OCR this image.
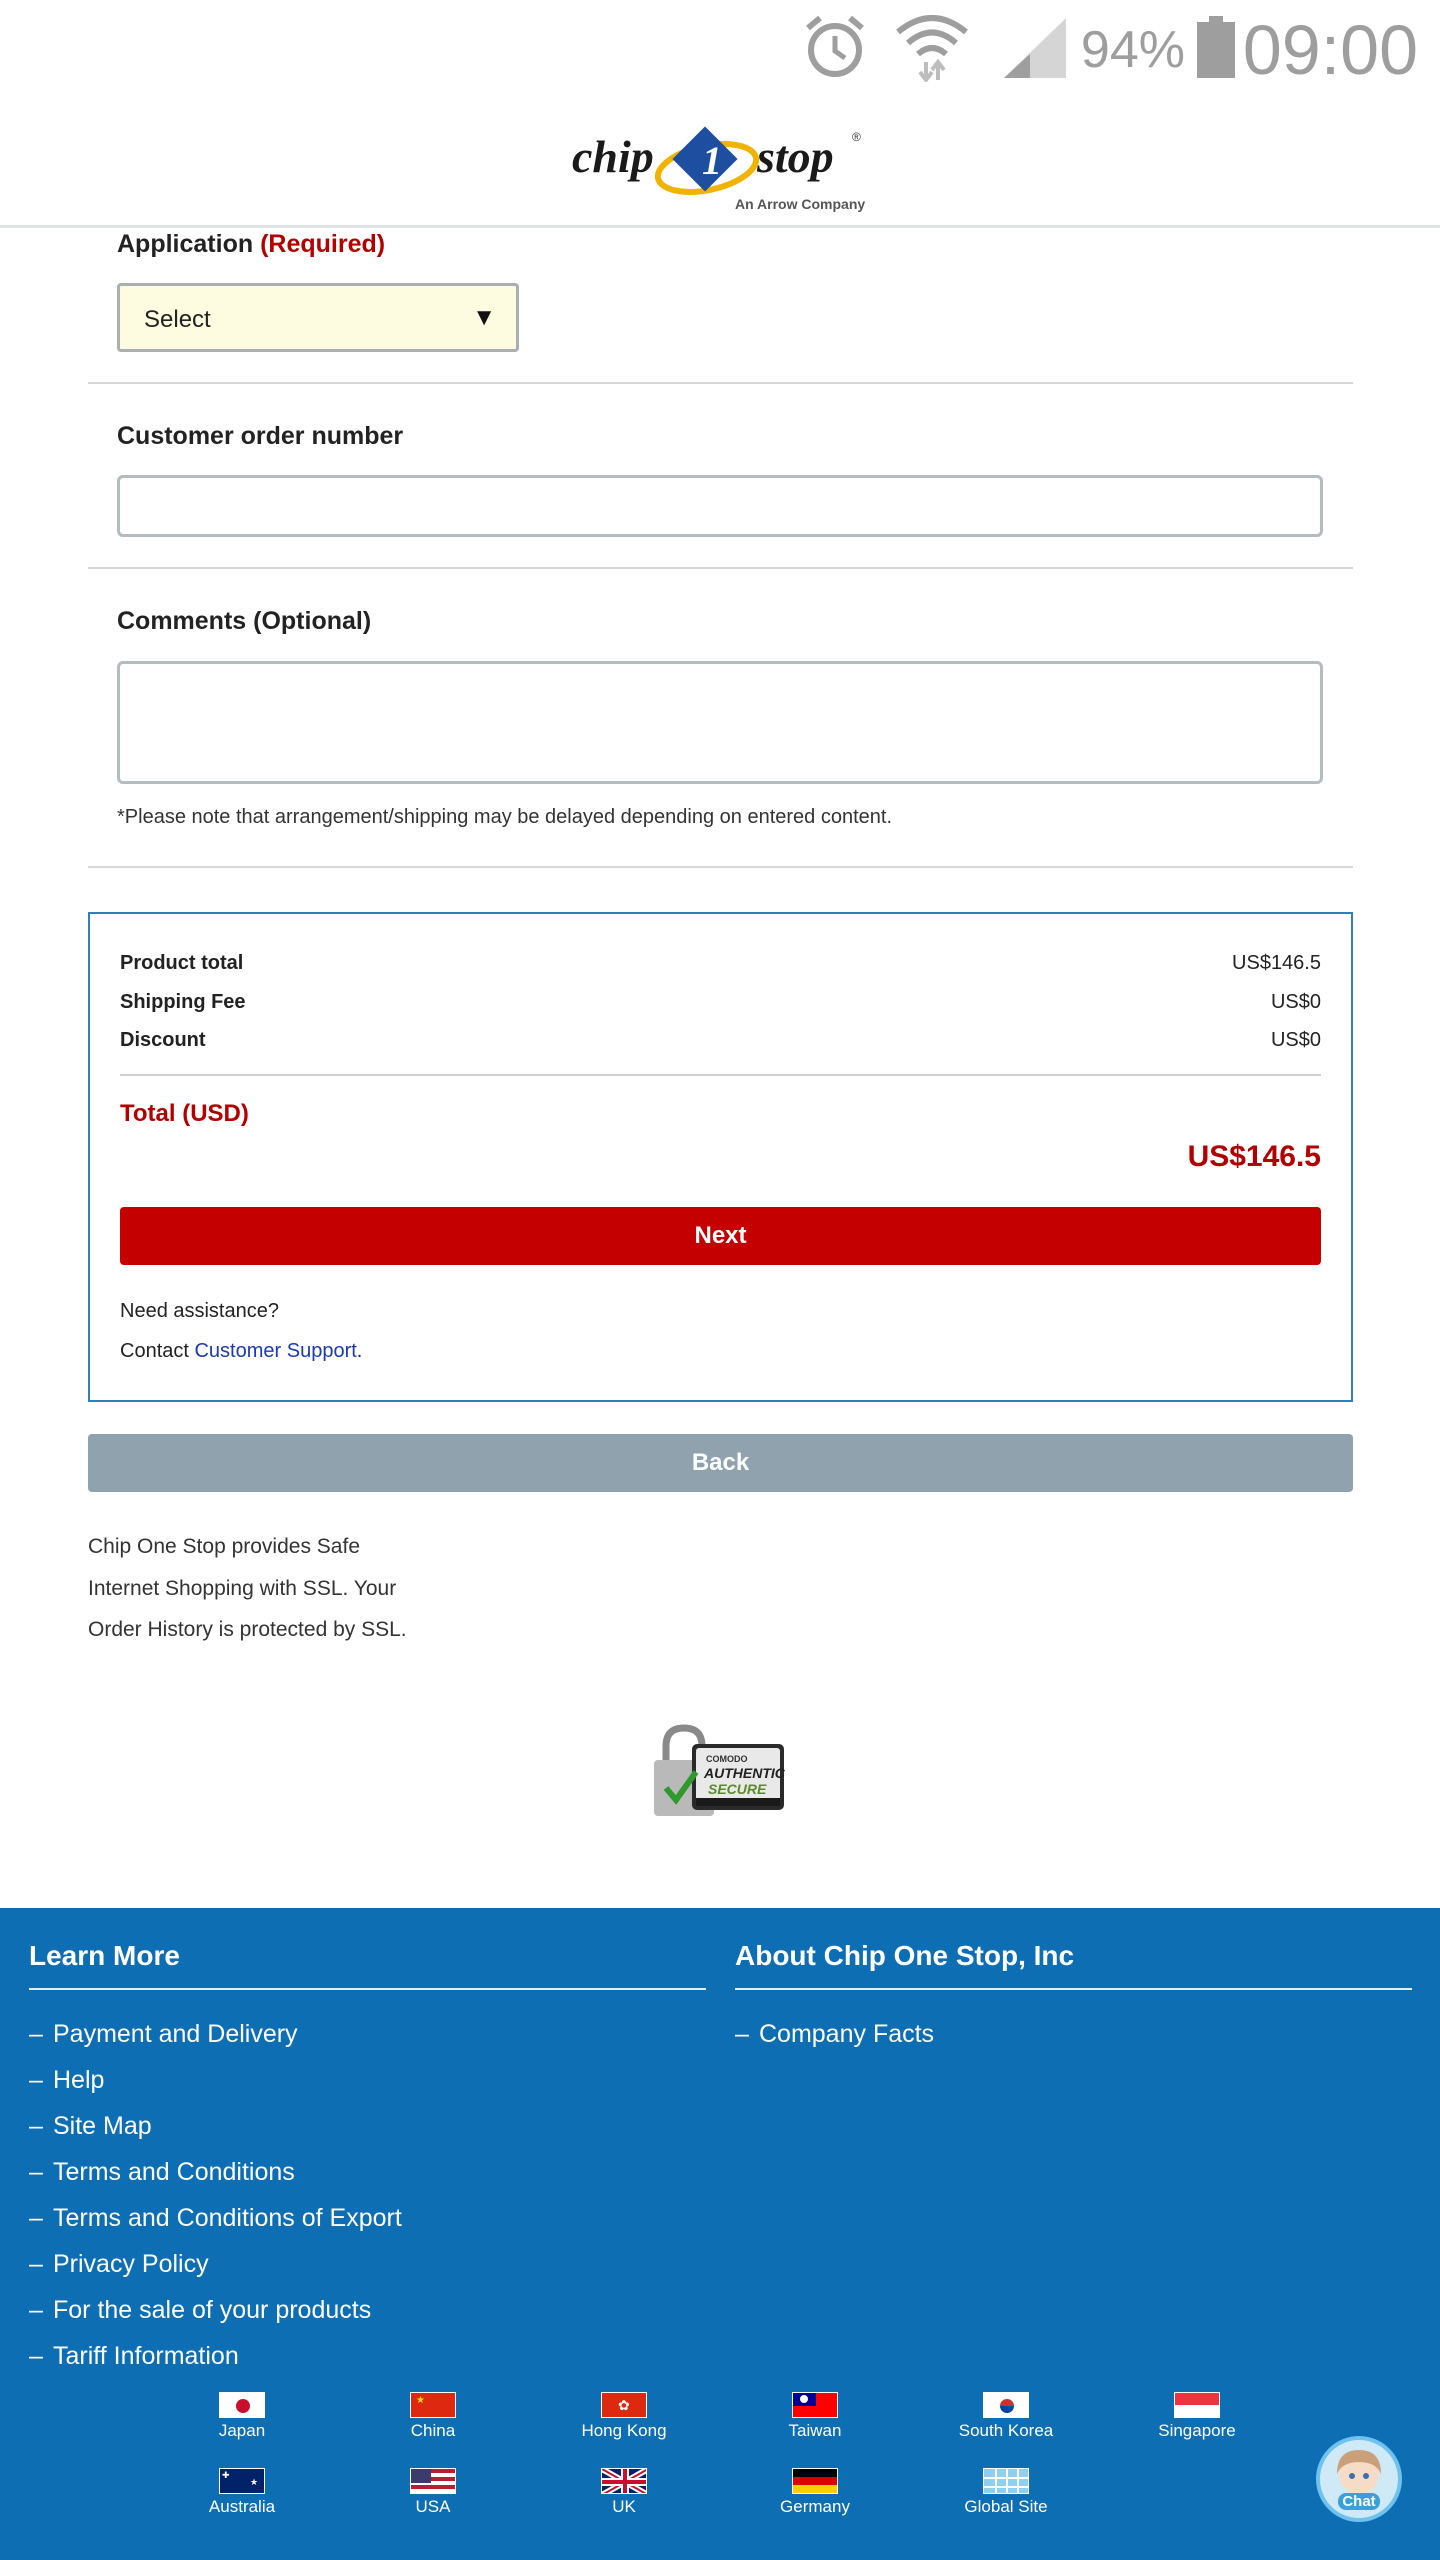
94% 09:00
chip 1 stop ®
An Arrow Company
Application (Required)
Select	▼
Customer order number
Comments (Optional)
*Please note that arrangement/shipping may be delayed depending on entered content.
Product total	US$146.5
Shipping Fee	US$0
Discount	US$0
Total (USD)
US$146.5
Next
Need assistance?
Contact Customer Support.
Back
Chip One Stop provides Safe Internet Shopping with SSL. Your Order History is protected by SSL.
COMODO
AUTHENTIC
SECURE
Learn More
– Payment and Delivery
– Help
– Site Map
– Terms and Conditions
– Terms and Conditions of Export
– Privacy Policy
– For the sale of your products
– Tariff Information
About Chip One Stop, Inc
– Company Facts
Japan
★
China
✿
Hong Kong	Taiwan	South Korea	Singapore
✚
★
Australia	USA	UK	Germany	Global Site	Chat
